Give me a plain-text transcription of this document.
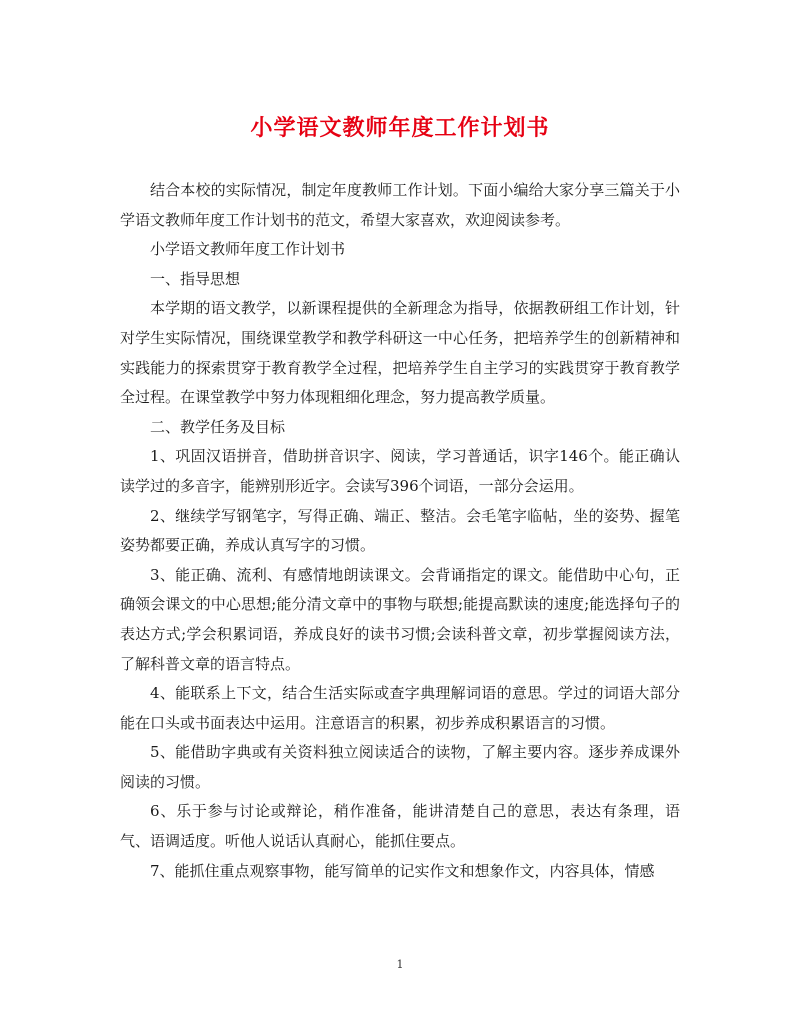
小学语文教师年度工作计划书

结合本校的实际情况，制定年度教师工作计划。下面小编给大家分享三篇关于小学语文教师年度工作计划书的范文，希望大家喜欢，欢迎阅读参考。

小学语文教师年度工作计划书

一、指导思想

本学期的语文教学，以新课程提供的全新理念为指导，依据教研组工作计划，针对学生实际情况，围绕课堂教学和教学科研这一中心任务，把培养学生的创新精神和实践能力的探索贯穿于教育教学全过程，把培养学生自主学习的实践贯穿于教育教学全过程。在课堂教学中努力体现粗细化理念，努力提高教学质量。

二、教学任务及目标

1、巩固汉语拼音，借助拼音识字、阅读，学习普通话，识字146个。能正确认读学过的多音字，能辨别形近字。会读写396个词语，一部分会运用。

2、继续学写钢笔字，写得正确、端正、整洁。会毛笔字临帖，坐的姿势、握笔姿势都要正确，养成认真写字的习惯。

3、能正确、流利、有感情地朗读课文。会背诵指定的课文。能借助中心句，正确领会课文的中心思想;能分清文章中的事物与联想;能提高默读的速度;能选择句子的表达方式;学会积累词语，养成良好的读书习惯;会读科普文章，初步掌握阅读方法，了解科普文章的语言特点。

4、能联系上下文，结合生活实际或查字典理解词语的意思。学过的词语大部分能在口头或书面表达中运用。注意语言的积累，初步养成积累语言的习惯。

5、能借助字典或有关资料独立阅读适合的读物，了解主要内容。逐步养成课外阅读的习惯。

6、乐于参与讨论或辩论，稍作准备，能讲清楚自己的意思，表达有条理，语气、语调适度。听他人说话认真耐心，能抓住要点。

7、能抓住重点观察事物，能写简单的记实作文和想象作文，内容具体，情感

1
